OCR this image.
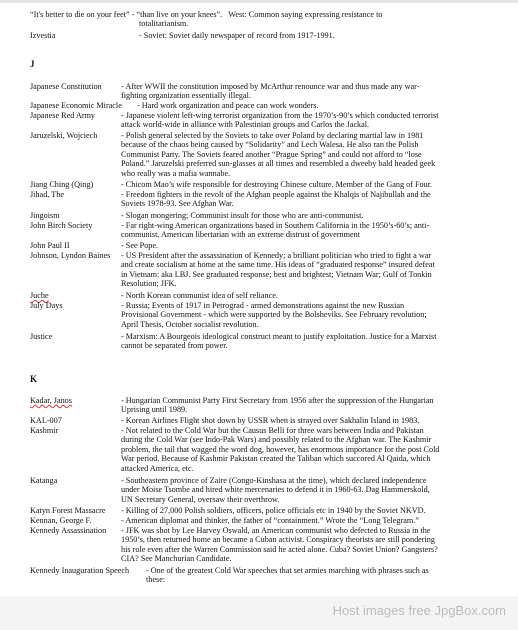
“It's better to die on your feet” - “than live on your knees”. West: Common saying expressing resistance to
totalitarianism.
Izvestia	- Soviet: Soviet daily newspaper of record from 1917-1991.
J
Japanese Constitution - After WWII the constitution imposed by McArthur renounce war and thus made any war-
fighting organization essentially illegal.
Japanese Economic Miracle - Hard work organization and peace can work wonders.
Japanese Red Army	- Japanese violent left-wing terrorist organization from the 1970’s-90’s which conducted terrorist
attack world-wide in alliance with Palestinian groups and Carlos the Jackal.
Jaruzelski, Wojciech	- Polish general selected by the Soviets to take over Poland by declaring martial law in 1981
because of the chaos being caused by “Solidarity” and Lech Walesa. He also ran the Polish
Communist Party. The Soviets feared another “Prague Spring” and could not afford to “lose
Poland.” Jaruzelski preferred sun-glasses at all times and resembled a dweeby bald headed geek
who really was a mafia wannabe.
Jiang Ching (Qing)	- Chicom Mao’s wife responsible for destroying Chinese culture. Member of the Gang of Four.
Jihad, The	- Freedom fighters in the revolt of the Afghan people against the Khalqis of Najibullah and the
Soviets 1978-93. See Afghan War.
Jingoism	- Slogan mongering; Communist insult for those who are anti-communist.
John Birch Society	- Far right-wing American organizations based in Southern California in the 1950’s-60’s; anti-
communist, American libertarian with an extreme distrust of government
John Paul II	- See Pope.
Johnson, Lyndon Baines - US President after the assassination of Kennedy; a brilliant politician who tried to fight a war
and create socialism at home at the same time. His ideas of “graduated response” insured defeat
in Vietnam: aka LBJ. See graduated response; best and brightest; Vietnam War; Gulf of Tonkin
Resolution; JFK.
Juche	- North Korean communist idea of self reliance.
July Days	- Russia; Events of 1917 in Petrograd - armed demonstrations against the new Russian
Provisional Government - which were supported by the Bolsheviks. See February revolution;
April Thesis, October socialist revolution.
Justice	- Marxism: A Bourgeois ideological construct meant to justify exploitation. Justice for a Marxist
cannot be separated from power.
K
Kadar, Janos	- Hungarian Communist Party First Secretary from 1956 after the suppression of the Hungarian
Uprising until 1989.
KAL-007	- Korean Airlines Flight shot down by USSR when is strayed over Sakhalin Island in 1983.
Kashmir	- Not related to the Cold War but the Causus Belli for three wars between India and Pakistan
during the Cold War (see Indo-Pak Wars) and possibly related to the Afghan war. The Kashmir
problem, the tail that wagged the word dog, however, has enormous importance for the post Cold
War period. Because of Kashmir Pakistan created the Taliban which succored Al Qaida, which
attacked America, etc.
Katanga	- Southeastern province of Zaire (Congo-Kinshasa at the time), which declared independence
under Moise Tsombe and hired white mercenaries to defend it in 1960-63. Dag Hammerskold,
UN Secretary General, oversaw their overthrow.
Katyn Forest Massacre - Killing of 27,000 Polish soldiers, officers, police officials etc in 1940 by the Soviet NKVD.
Kennan, George F.	- American diplomat and thinker, the father of “containment.” Wrote the “Long Telegram.”
Kennedy Assassination - JFK was shot by Lee Harvey Oswald, an American communist who defected to Russia in the
1950’s, then returned home an became a Cuban activist. Conspiracy theorists are still pondering
his role even after the Warren Commission said he acted alone. Cuba? Soviet Union? Gangsters?
CIA? See Manchurian Candidate.
Kennedy Inauguration Speech - One of the greatest Cold War speeches that set armies marching with phrases such as
these:
Host images free JpgBox.com
